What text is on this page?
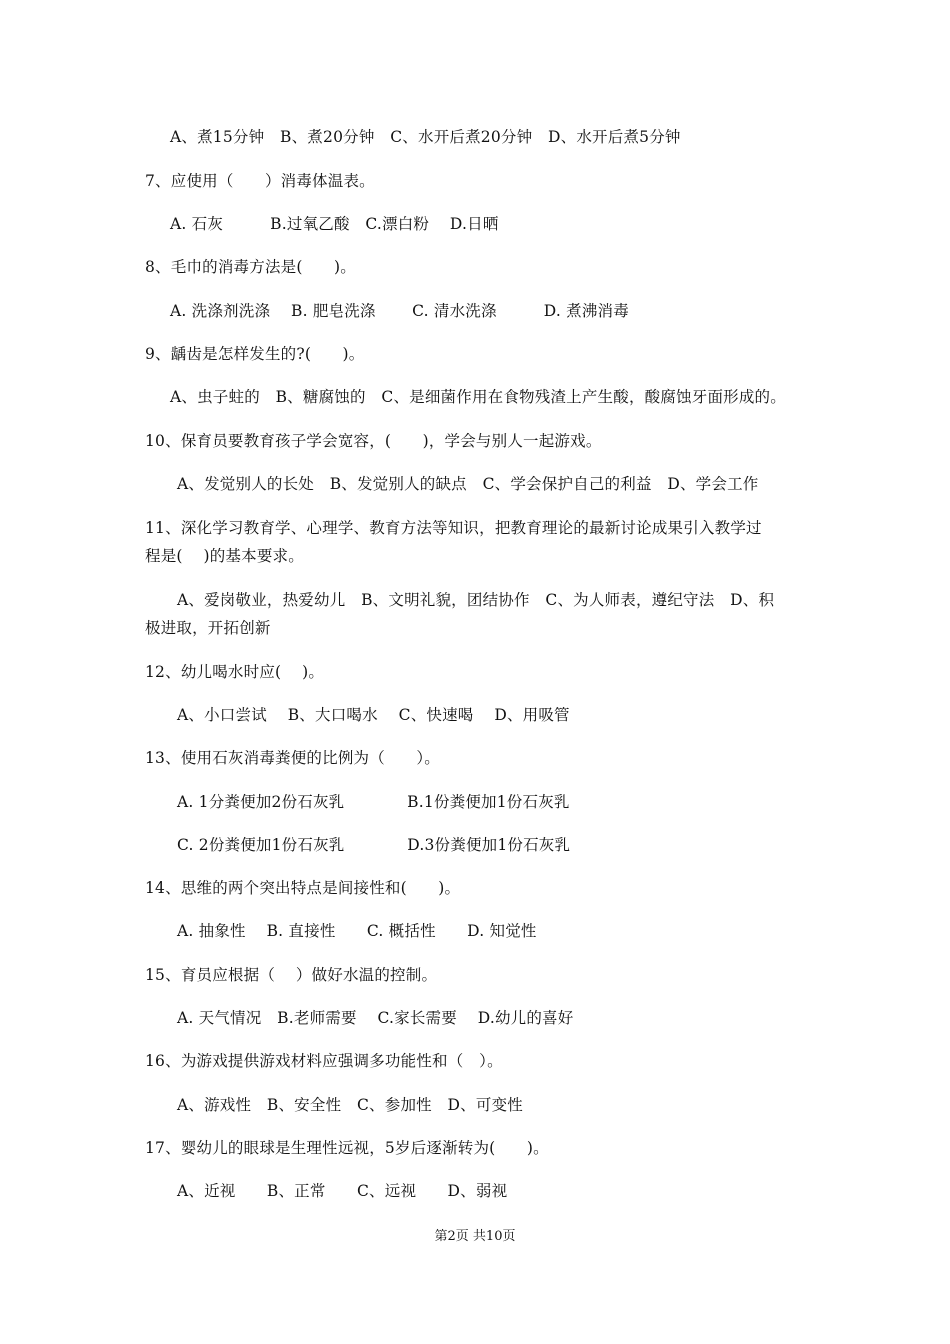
A、煮15分钟　B、煮20分钟　C、水开后煮20分钟　D、水开后煮5分钟
7、应使用（　　）消毒体温表。
A. 石灰　　　B.过氧乙酸　C.漂白粉　 D.日晒
8、毛巾的消毒方法是(　　)。
A. 洗涤剂洗涤　 B. 肥皂洗涤　　 C. 清水洗涤　　　D. 煮沸消毒
9、龋齿是怎样发生的?(　　)。
A、虫子蛀的　B、糖腐蚀的　C、是细菌作用在食物残渣上产生酸，酸腐蚀牙面形成的。
10、保育员要教育孩子学会宽容，(　　)，学会与别人一起游戏。
A、发觉别人的长处　B、发觉别人的缺点　C、学会保护自己的利益　D、学会工作
11、深化学习教育学、心理学、教育方法等知识，把教育理论的最新讨论成果引入教学过
程是(　 )的基本要求。
A、爱岗敬业，热爱幼儿　B、文明礼貌，团结协作　C、为人师表，遵纪守法　D、积
极进取，开拓创新
12、幼儿喝水时应(　 )。
A、小口尝试　 B、大口喝水　 C、快速喝　 D、用吸管
13、使用石灰消毒粪便的比例为（　　）。
A. 1分粪便加2份石灰乳　　　　B.1份粪便加1份石灰乳
C. 2份粪便加1份石灰乳　　　　D.3份粪便加1份石灰乳
14、思维的两个突出特点是间接性和(　　)。
A. 抽象性　 B. 直接性　　C. 概括性　　D. 知觉性
15、育员应根据（　 ）做好水温的控制。
A. 天气情况　B.老师需要　 C.家长需要　 D.幼儿的喜好
16、为游戏提供游戏材料应强调多功能性和（　）。
A、游戏性　B、安全性　C、参加性　D、可变性
17、婴幼儿的眼球是生理性远视，5岁后逐渐转为(　　)。
A、近视　　B、正常　　C、远视　　D、弱视
第2页 共10页
